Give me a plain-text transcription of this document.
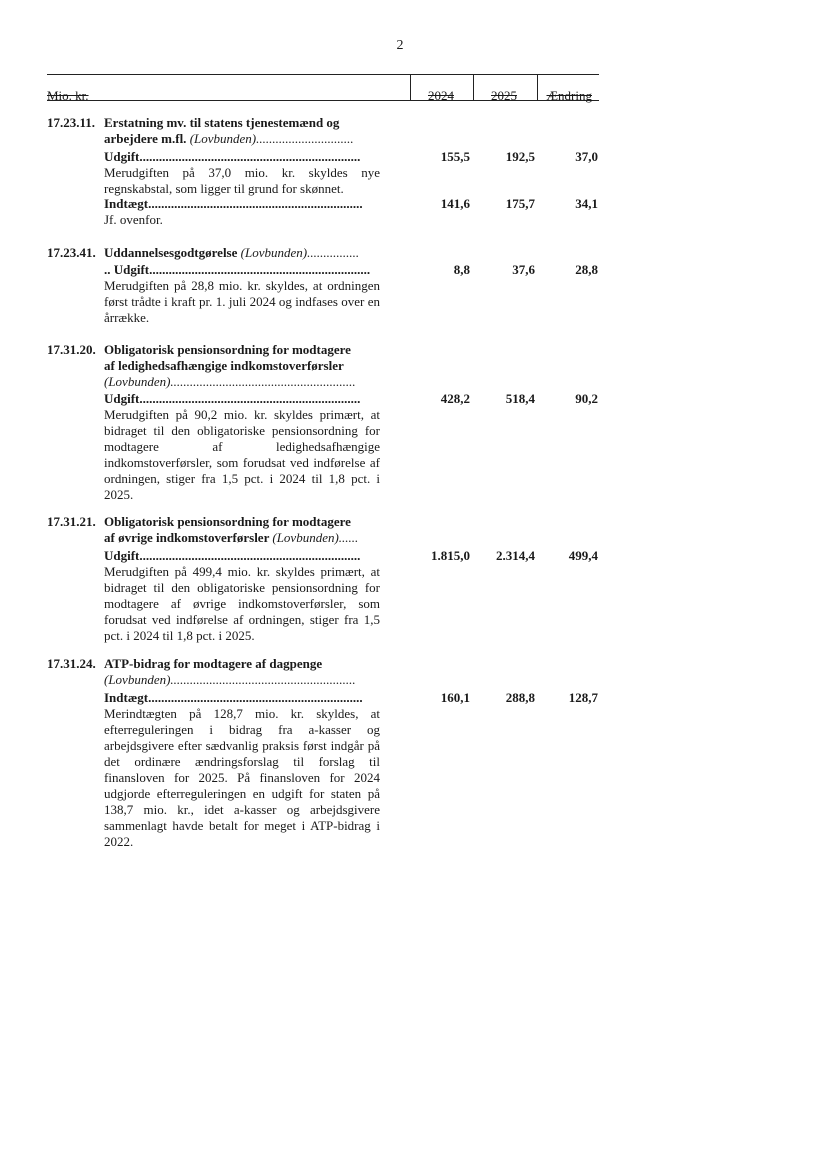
2
Mio. kr.	2024	2025	Ændring
17.23.11. Erstatning mv. til statens tjenestemænd og
arbejdere m.fl. (Lovbunden)..............................
Udgift....................................................................	155,5	192,5	37,0
Merudgiften på 37,0 mio. kr. skyldes nye regnskabstal, som ligger til grund for skønnet.
Indtægt..................................................................	141,6	175,7	34,1
Jf. ovenfor.
17.23.41. Uddannelsesgodtgørelse (Lovbunden)................
.. Udgift....................................................................	8,8	37,6	28,8
Merudgiften på 28,8 mio. kr. skyldes, at ordningen først trådte i kraft pr. 1. juli 2024 og indfases over en årrække.
17.31.20. Obligatorisk pensionsordning for modtagere
af ledighedsafhængige indkomstoverførsler
(Lovbunden).........................................................
Udgift....................................................................	428,2	518,4	90,2
Merudgiften på 90,2 mio. kr. skyldes primært, at bidraget til den obligatoriske pensionsordning for modtagere af ledighedsafhængige indkomstoverførsler, som forudsat ved indførelse af ordningen, stiger fra 1,5 pct. i 2024 til 1,8 pct. i 2025.
17.31.21. Obligatorisk pensionsordning for modtagere
af øvrige indkomstoverførsler (Lovbunden)......
Udgift....................................................................	1.815,0	2.314,4	499,4
Merudgiften på 499,4 mio. kr. skyldes primært, at bidraget til den obligatoriske pensionsordning for modtagere af øvrige indkomstoverførsler, som forudsat ved indførelse af ordningen, stiger fra 1,5 pct. i 2024 til 1,8 pct. i 2025.
17.31.24. ATP-bidrag for modtagere af dagpenge
(Lovbunden).........................................................
Indtægt..................................................................	160,1	288,8	128,7
Merindtægten på 128,7 mio. kr. skyldes, at efterreguleringen i bidrag fra a-kasser og arbejdsgivere efter sædvanlig praksis først indgår på det ordinære ændringsforslag til forslag til finansloven for 2025. På finansloven for 2024 udgjorde efterreguleringen en udgift for staten på 138,7 mio. kr., idet a-kasser og arbejdsgivere sammenlagt havde betalt for meget i ATP-bidrag i 2022.
